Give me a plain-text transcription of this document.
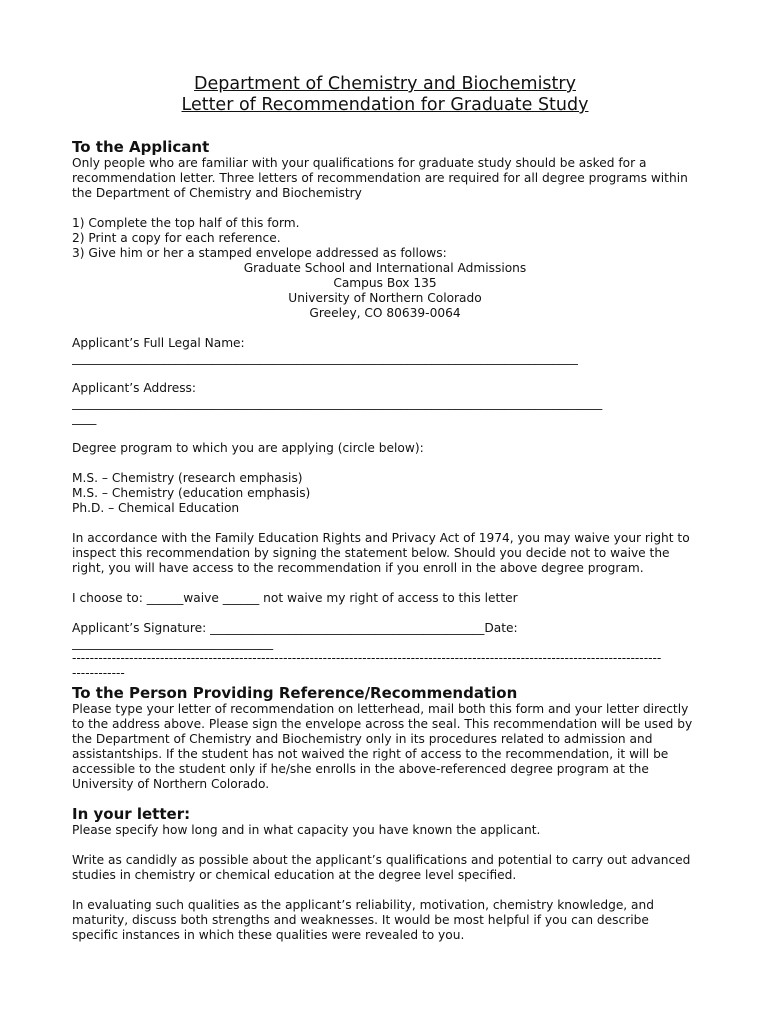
Department of Chemistry and Biochemistry
Letter of Recommendation for Graduate Study
To the Applicant

Only people who are familiar with your qualifications for graduate study should be asked for a recommendation letter. Three letters of recommendation are required for all degree programs within the Department of Chemistry and Biochemistry

1) Complete the top half of this form.

2) Print a copy for each reference.

3) Give him or her a stamped envelope addressed as follows:

Graduate School and International Admissions

Campus Box 135

University of Northern Colorado

Greeley, CO 80639-0064

Applicant’s Full Legal Name:

___________________________________________________________________________________

Applicant’s Address:

_______________________________________________________________________________________
____

Degree program to which you are applying (circle below):

M.S. – Chemistry (research emphasis)

M.S. – Chemistry (education emphasis)

Ph.D. – Chemical Education

In accordance with the Family Education Rights and Privacy Act of 1974, you may waive your right to inspect this recommendation by signing the statement below. Should you decide not to waive the right, you will have access to the recommendation if you enroll in the above degree program.

I choose to: ______waive ______ not waive my right of access to this letter

Applicant’s Signature: _____________________________________________Date:

_________________________________
--------------------------------------------------------------------------------------------------------------------------------------
------------
To the Person Providing Reference/Recommendation

Please type your letter of recommendation on letterhead, mail both this form and your letter directly to the address above. Please sign the envelope across the seal. This recommendation will be used by the Department of Chemistry and Biochemistry only in its procedures related to admission and assistantships. If the student has not waived the right of access to the recommendation, it will be accessible to the student only if he/she enrolls in the above-referenced degree program at the University of Northern Colorado.

In your letter:

Please specify how long and in what capacity you have known the applicant.

Write as candidly as possible about the applicant’s qualifications and potential to carry out advanced studies in chemistry or chemical education at the degree level specified.

In evaluating such qualities as the applicant’s reliability, motivation, chemistry knowledge, and maturity, discuss both strengths and weaknesses. It would be most helpful if you can describe specific instances in which these qualities were revealed to you.
